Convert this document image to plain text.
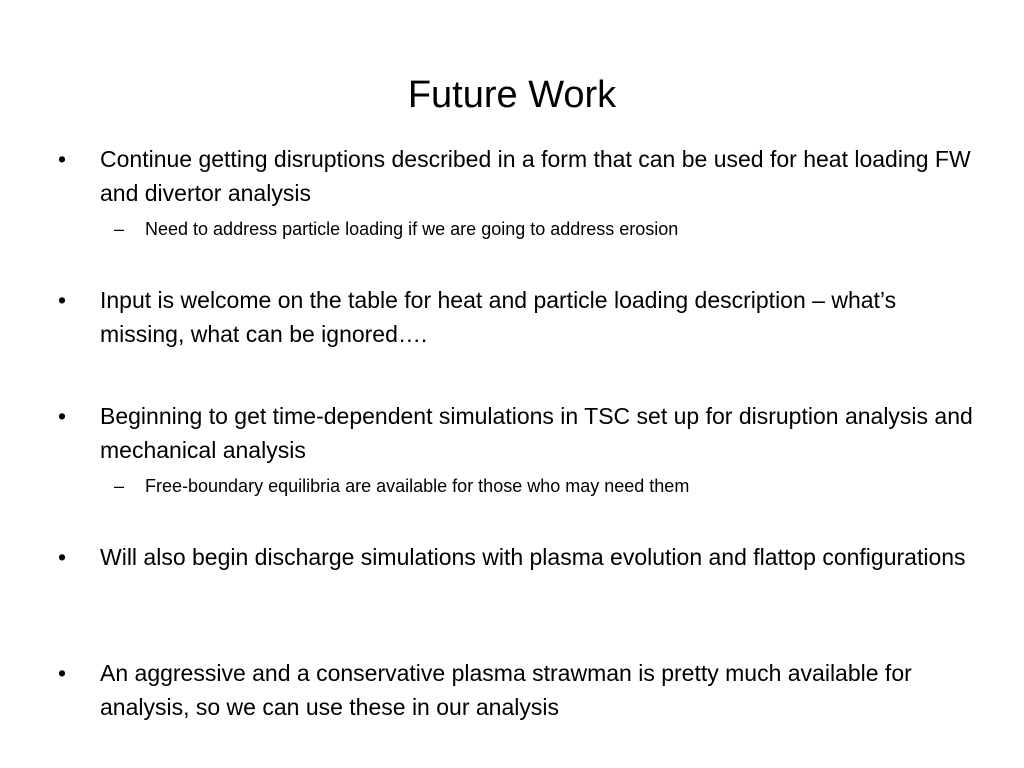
Future Work
• Continue getting disruptions described in a form that can be used for heat loading FW and divertor analysis
– Need to address particle loading if we are going to address erosion
• Input is welcome on the table for heat and particle loading description – what’s missing, what can be ignored….
• Beginning to get time-dependent simulations in TSC set up for disruption analysis and mechanical analysis
– Free-boundary equilibria are available for those who may need them
• Will also begin discharge simulations with plasma evolution and flattop configurations
• An aggressive and a conservative plasma strawman is pretty much available for analysis, so we can use these in our analysis
